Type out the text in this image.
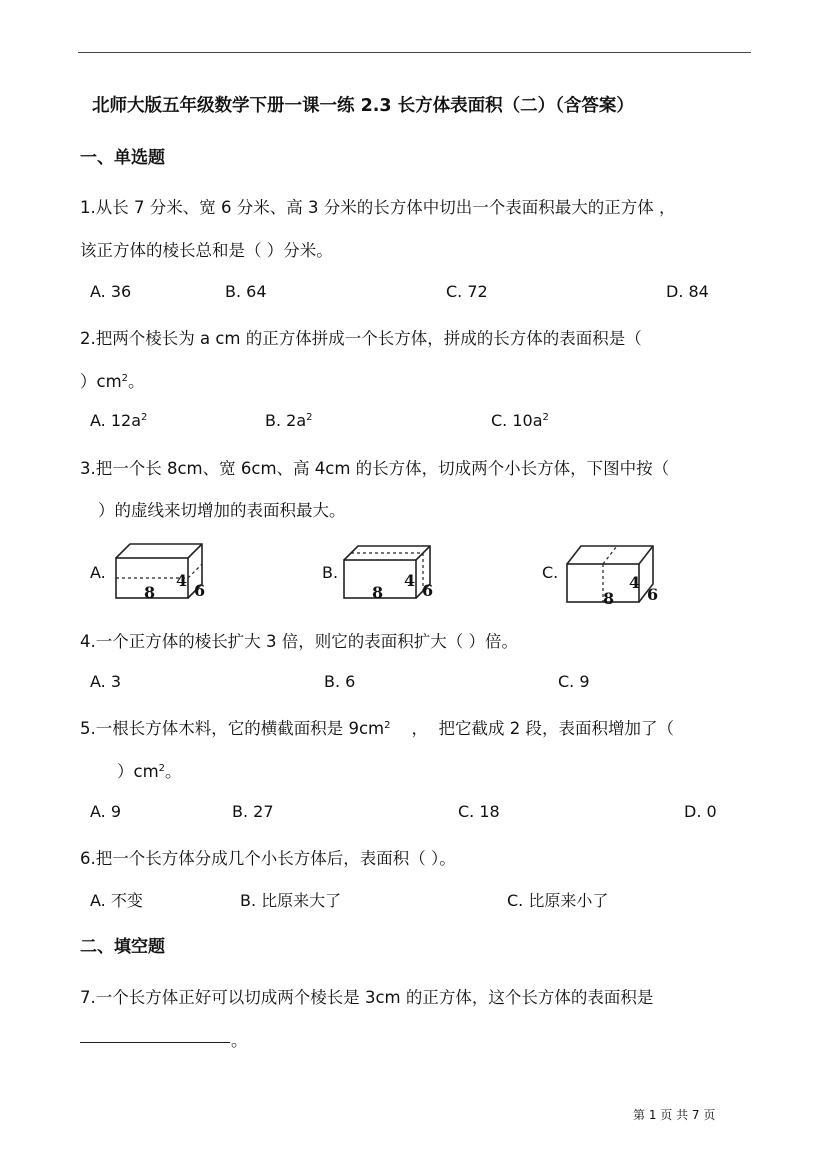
北师大版五年级数学下册一课一练 2.3 长方体表面积（二）（含答案）
一、单选题
1.从长 7 分米、宽 6 分米、高 3 分米的长方体中切出一个表面积最大的正方体 ，
该正方体的棱长总和是（ ）分米。
A. 36	B. 64	C. 72	D. 84
2.把两个棱长为 a cm 的正方体拼成一个长方体，拼成的长方体的表面积是（
）$cm^2$。
A. $12a^2$	B. $2a^2$	C. $10a^2$
3.把一个长 8cm、宽 6cm、高 4cm 的长方体，切成两个小长方体，下图中按（
）的虚线来切增加的表面积最大。
A.	B.	C.
8
4
6	8
4
6	8
4
6
4.一个正方体的棱长扩大 3 倍，则它的表面积扩大（ ）倍。
A. 3	B. 6	C. 9
5.一根长方体木料，它的横截面积是 $9cm^2$    ，  把它截成 2 段，表面积增加了（
）$cm^2$。
A. 9	B. 27	C. 18	D. 0
6.把一个长方体分成几个小长方体后，表面积（ ）。
A. 不变	B. 比原来大了	C. 比原来小了
二、填空题
7.一个长方体正好可以切成两个棱长是 3cm 的正方体，这个长方体的表面积是
。
第 1 页 共 7 页
